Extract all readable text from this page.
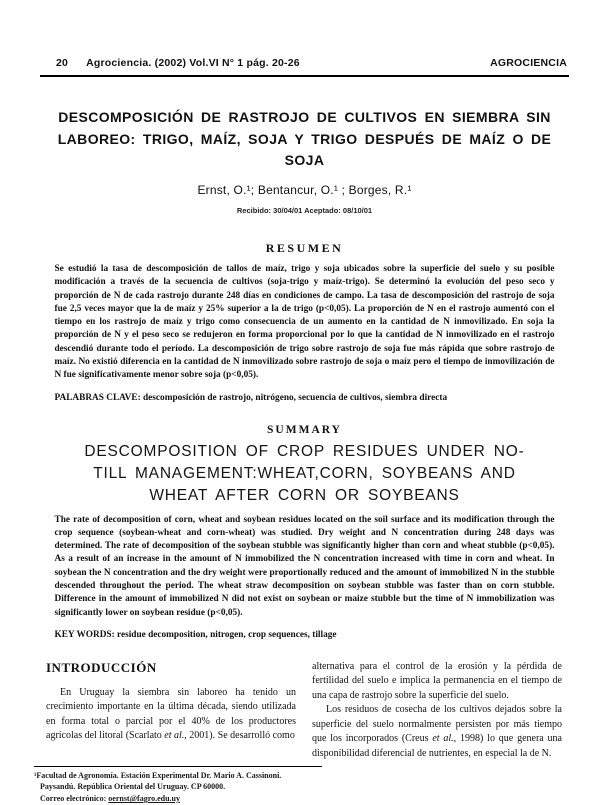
20 Agrociencia. (2002) Vol.VI N° 1 pág. 20-26	AGROCIENCIA
DESCOMPOSICIÓN DE RASTROJO DE CULTIVOS EN SIEMBRA SIN LABOREO: TRIGO, MAÍZ, SOJA Y TRIGO DESPUÉS DE MAÍZ O DE SOJA
Ernst, O.¹; Bentancur, O.¹ ; Borges, R.¹
Recibido: 30/04/01 Aceptado: 08/10/01
RESUMEN

Se estudió la tasa de descomposición de tallos de maíz, trigo y soja ubicados sobre la superficie del suelo y su posible modificación a través de la secuencia de cultivos (soja-trigo y maíz-trigo). Se determinó la evolución del peso seco y proporción de N de cada rastrojo durante 248 días en condiciones de campo. La tasa de descomposición del rastrojo de soja fue 2,5 veces mayor que la de maíz y 25% superior a la de trigo (p<0,05). La proporción de N en el rastrojo aumentó con el tiempo en los rastrojo de maíz y trigo como consecuencia de un aumento en la cantidad de N inmovilizado. En soja la proporción de N y el peso seco se redujeron en forma proporcional por lo que la cantidad de N inmovilizado en el rastrojo descendió durante todo el período. La descomposición de trigo sobre rastrojo de soja fue más rápida que sobre rastrojo de maíz. No existió diferencia en la cantidad de N inmovilizado sobre rastrojo de soja o maíz pero el tiempo de inmovilización de N fue significativamente menor sobre soja (p<0,05).

PALABRAS CLAVE: descomposición de rastrojo, nitrógeno, secuencia de cultivos, siembra directa

SUMMARY
DESCOMPOSITION OF CROP RESIDUES UNDER NO-TILL MANAGEMENT:WHEAT,CORN, SOYBEANS AND WHEAT AFTER CORN OR SOYBEANS

The rate of decomposition of corn, wheat and soybean residues located on the soil surface and its modification through the crop sequence (soybean-wheat and corn-wheat) was studied. Dry weight and N concentration during 248 days was determined. The rate of decomposition of the soybean stubble was significantly higher than corn and wheat stubble (p<0,05). As a result of an increase in the amount of N immobilized the N concentration increased with time in corn and wheat. In soybean the N concentration and the dry weight were proportionally reduced and the amount of immobilized N in the stubble descended throughout the period. The wheat straw decomposition on soybean stubble was faster than on corn stubble. Difference in the amount of immobilized N did not exist on soybean or maize stubble but the time of N immobilization was significantly lower on soybean residue (p<0,05).

KEY WORDS: residue decomposition, nitrogen, crop sequences, tillage

INTRODUCCIÓN

En Uruguay la siembra sin laboreo ha tenido un crecimiento importante en la última década, siendo utilizada en forma total o parcial por el 40% de los productores agrícolas del litoral (Scarlato et al., 2001). Se desarrolló como

¹Facultad de Agronomía. Estación Experimental Dr. Mario A. Cassinoni.
Paysandú. República Oriental del Uruguay. CP 60000.
Correo electrónico: oernst@fagro.edu.uy

alternativa para el control de la erosión y la pérdida de fertilidad del suelo e implica la permanencia en el tiempo de una capa de rastrojo sobre la superficie del suelo.

Los residuos de cosecha de los cultivos dejados sobre la superficie del suelo normalmente persisten por más tiempo que los incorporados (Creus et al., 1998) lo que genera una disponibilidad diferencial de nutrientes, en especial la de N.
